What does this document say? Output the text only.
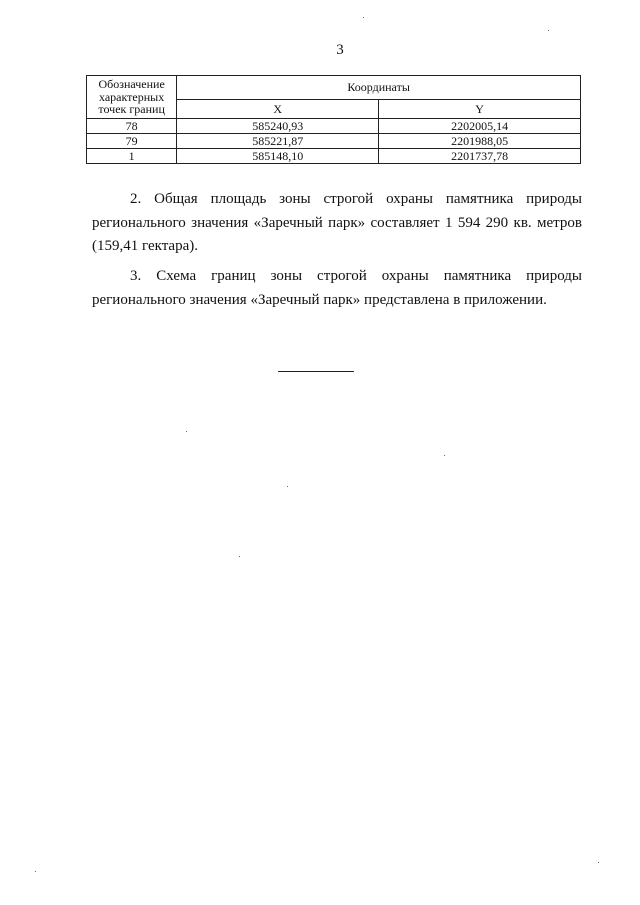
3
Обозначение
характерных
точек границ	Координаты	
	X	Y
78	585240,93	2202005,14
79	585221,87	2201988,05
1	585148,10	2201737,78
2. Общая площадь зоны строгой охраны памятника природы регионального значения «Заречный парк» составляет 1 594 290 кв. метров (159,41 гектара).
3. Схема границ зоны строгой охраны памятника природы регионального значения «Заречный парк» представлена в приложении.
